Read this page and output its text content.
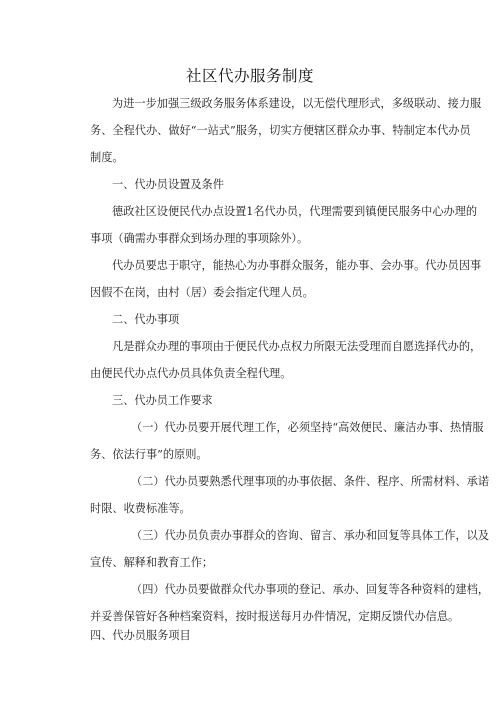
社区代办服务制度
为进一步加强三级政务服务体系建设，以无偿代理形式，多级联动、接力服
务、全程代办、做好“一站式”服务，切实方便辖区群众办事、特制定本代办员
制度。
一、代办员设置及条件
德政社区设便民代办点设置1名代办员，代理需要到镇便民服务中心办理的
事项（确需办事群众到场办理的事项除外）。
代办员要忠于职守，能热心为办事群众服务，能办事、会办事。代办员因事
因假不在岗，由村（居）委会指定代理人员。
二、代办事项
凡是群众办理的事项由于便民代办点权力所限无法受理而自愿选择代办的，
由便民代办点代办员具体负责全程代理。
三、代办员工作要求
（一）代办员要开展代理工作，必须坚持“高效便民、廉洁办事、热情服
务、依法行事”的原则。
（二）代办员要熟悉代理事项的办事依据、条件、程序、所需材料、承诺
时限、收费标准等。
（三）代办员负责办事群众的咨询、留言、承办和回复等具体工作，以及
宣传、解释和教育工作；
（四）代办员要做群众代办事项的登记、承办、回复等各种资料的建档，
并妥善保管好各种档案资料，按时报送每月办件情况，定期反馈代办信息。
四、代办员服务项目
